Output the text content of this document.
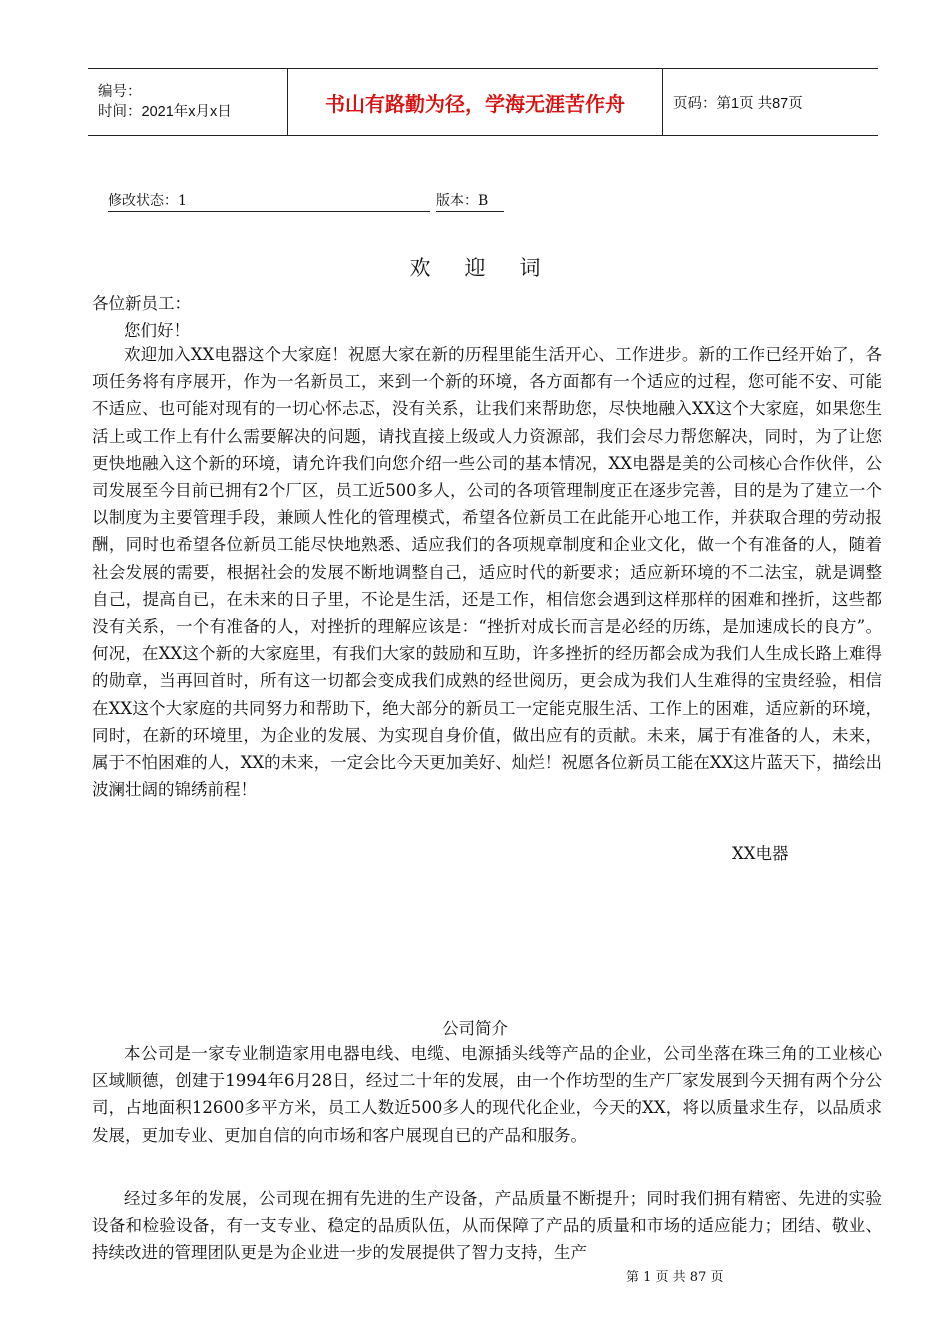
编号：
时间：2021年x月x日	书山有路勤为径，学海无涯苦作舟	页码：第1页 共87页
修改状态：1	版本：B
欢迎词
各位新员工：
您们好！

欢迎加入XX电器这个大家庭！祝愿大家在新的历程里能生活开心、工作进步。新的工作已经开始了，各项任务将有序展开，作为一名新员工，来到一个新的环境，各方面都有一个适应的过程，您可能不安、可能不适应、也可能对现有的一切心怀忐忑，没有关系，让我们来帮助您，尽快地融入XX这个大家庭，如果您生活上或工作上有什么需要解决的问题，请找直接上级或人力资源部，我们会尽力帮您解决，同时，为了让您更快地融入这个新的环境，请允许我们向您介绍一些公司的基本情况，XX电器是美的公司核心合作伙伴，公司发展至今目前已拥有2个厂区，员工近500多人，公司的各项管理制度正在逐步完善，目的是为了建立一个以制度为主要管理手段，兼顾人性化的管理模式，希望各位新员工在此能开心地工作，并获取合理的劳动报酬，同时也希望各位新员工能尽快地熟悉、适应我们的各项规章制度和企业文化，做一个有准备的人，随着社会发展的需要，根据社会的发展不断地调整自己，适应时代的新要求；适应新环境的不二法宝，就是调整自己，提高自已，在未来的日子里，不论是生活，还是工作，相信您会遇到这样那样的困难和挫折，这些都没有关系，一个有准备的人，对挫折的理解应该是：“挫折对成长而言是必经的历练，是加速成长的良方”。何况，在XX这个新的大家庭里，有我们大家的鼓励和互助，许多挫折的经历都会成为我们人生成长路上难得的勋章，当再回首时，所有这一切都会变成我们成熟的经世阅历，更会成为我们人生难得的宝贵经验，相信在XX这个大家庭的共同努力和帮助下，绝大部分的新员工一定能克服生活、工作上的困难，适应新的环境，同时，在新的环境里，为企业的发展、为实现自身价值，做出应有的贡献。未来，属于有准备的人，未来，属于不怕困难的人，XX的未来，一定会比今天更加美好、灿烂！祝愿各位新员工能在XX这片蓝天下，描绘出波澜壮阔的锦绣前程！

XX电器
公司简介

本公司是一家专业制造家用电器电线、电缆、电源插头线等产品的企业，公司坐落在珠三角的工业核心区域顺德，创建于1994年6月28日，经过二十年的发展，由一个作坊型的生产厂家发展到今天拥有两个分公司，占地面积12600多平方米，员工人数近500多人的现代化企业，今天的XX，将以质量求生存，以品质求发展，更加专业、更加自信的向市场和客户展现自已的产品和服务。

经过多年的发展，公司现在拥有先进的生产设备，产品质量不断提升；同时我们拥有精密、先进的实验设备和检验设备，有一支专业、稳定的品质队伍，从而保障了产品的质量和市场的适应能力；团结、敬业、持续改进的管理团队更是为企业进一步的发展提供了智力支持，生产

第 1 页 共 87 页
